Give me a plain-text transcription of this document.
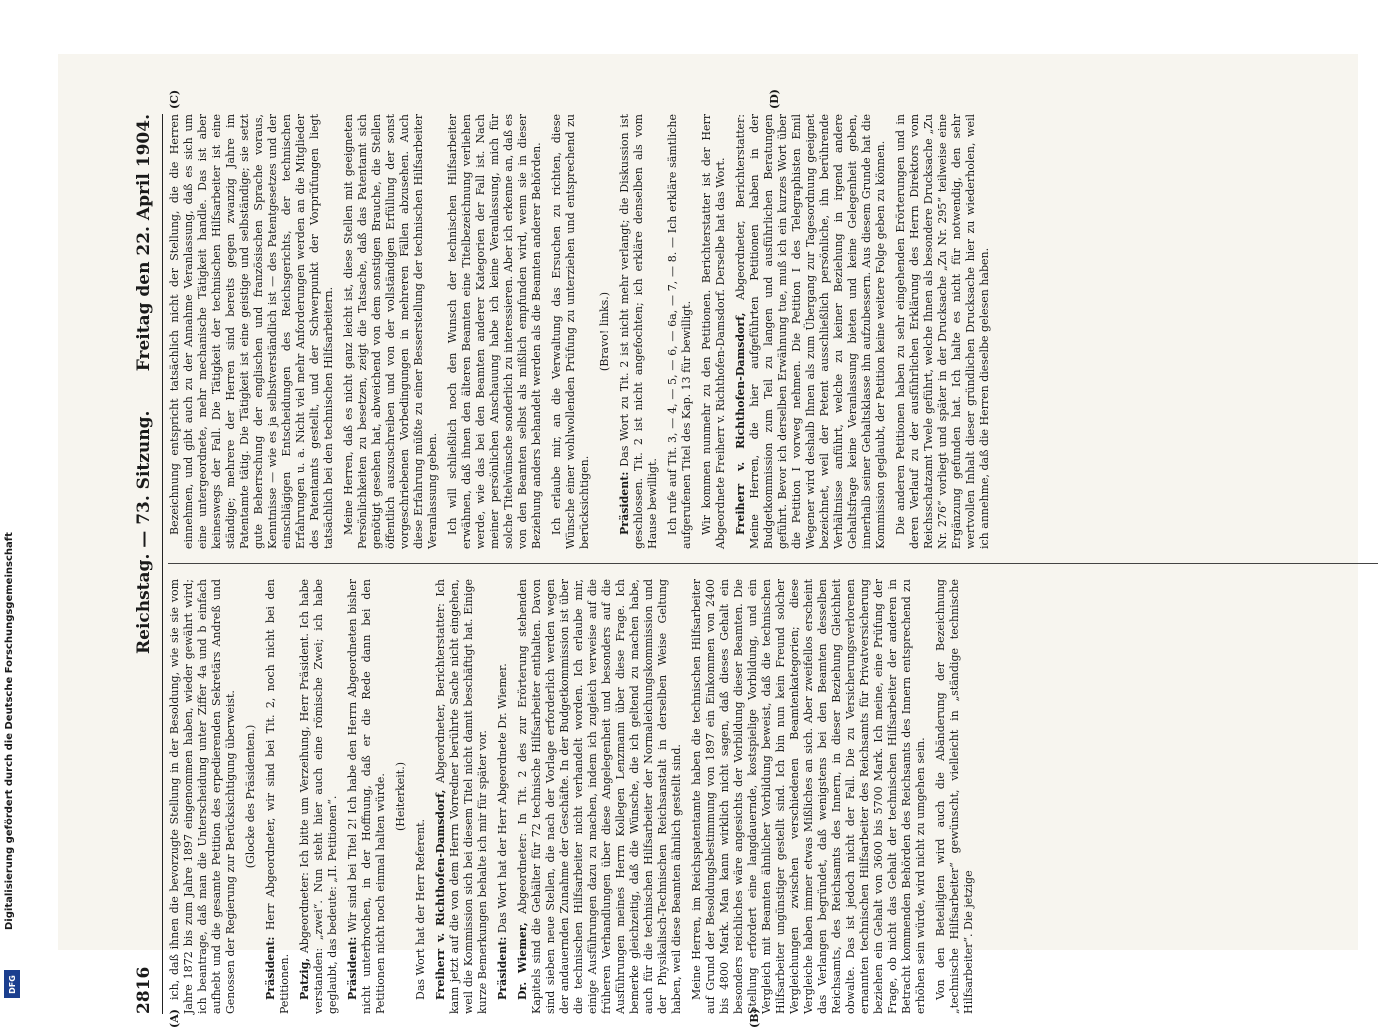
2816
Reichstag. — 73. Sitzung.
Freitag den 22. April 1904.
(A)	(B)
(C)	(D)

ich, daß ihnen die bevorzugte Stellung in der Besoldung, wie sie sie vom Jahre 1872 bis zum Jahre 1897 eingenommen haben, wieder gewährt wird; ich beantrage, daß man die Unterscheidung unter Ziffer 4a und b einfach aufhebt und die gesamte Petition des erpedierenden Sekretärs Andreß und Genossen der Regierung zur Berücksichtigung überweist. (Glocke des Präsidenten.)

Präsident: Herr Abgeordneter, wir sind bei Tit. 2, noch nicht bei den Petitionen. Patzig, Abgeordneter: Ich bitte um Verzeihung, Herr Präsident. Ich habe verstanden: „zwei“. Nun steht hier auch eine römische Zwei; ich habe geglaubt, das bedeute: „II. Petitionen“. Präsident: Wir sind bei Titel 2! Ich habe den Herrn Abgeordneten bisher nicht unterbrochen, in der Hoffnung, daß er die Rede dann bei den Petitionen nicht noch einmal halten würde. (Heiterkeit.)

Das Wort hat der Herr Referent. Freiherr v. Richthofen-Damsdorf, Abgeordneter, Berichterstatter: Ich kann jetzt auf die von dem Herrn Vorredner berührte Sache nicht eingehen, weil die Kommission sich bei diesem Titel nicht damit beschäftigt hat. Einige kurze Bemerkungen behalte ich mir für später vor. Präsident: Das Wort hat der Herr Abgeordnete Dr. Wiemer.

Dr. Wiemer, Abgeordneter: In Tit. 2 des zur Erörterung stehenden Kapitels sind die Gehälter für 72 technische Hilfsarbeiter enthalten. Davon sind sieben neue Stellen, die nach der Vorlage erforderlich werden wegen der andauernden Zunahme der Geschäfte. In der Budgetkommission ist über die technischen Hilfsarbeiter nicht verhandelt worden. Ich erlaube mir, einige Ausführungen dazu zu machen, indem ich zugleich verweise auf die früheren Verhandlungen über diese Angelegenheit und besonders auf die Ausführungen meines Herrn Kollegen Lenzmann über diese Frage. Ich bemerke gleichzeitig, daß die Wünsche, die ich geltend zu machen habe, auch für die technischen Hilfsarbeiter der Normaleichungskommission und der Physikalisch-Technischen Reichsanstalt in derselben Weise Geltung haben, weil diese Beamten ähnlich gestellt sind. Meine Herren, im Reichspatentamte haben die technischen Hilfsarbeiter auf Grund der Besoldungsbestimmung von 1897 ein Einkommen von 2400 bis 4800 Mark. Man kann wirklich nicht sagen, daß dieses Gehalt ein besonders reichliches wäre angesichts der Vorbildung dieser Beamten. Die Stellung erfordert eine langdauernde, kostspielige Vorbildung, und ein Vergleich mit Beamten ähnlicher Vorbildung beweist, daß die technischen Hilfsarbeiter ungünstiger gestellt sind. Ich bin nun kein Freund solcher Vergleichungen zwischen verschiedenen Beamtenkategorien; diese Vergleiche haben immer etwas Mißliches an sich. Aber zweifellos erscheint das Verlangen begründet, daß wenigstens bei den Beamten desselben Reichsamts, des Reichsamts des Innern, in dieser Beziehung Gleichheit obwalte. Das ist jedoch nicht der Fall. Die zu Versicherungsverlorenen ernannten technischen Hilfsarbeiter des Reichsamts für Privatversicherung beziehen ein Gehalt von 3600 bis 5700 Mark. Ich meine, eine Prüfung der Frage, ob nicht das Gehalt der technischen Hilfsarbeiter der anderen in Betracht kommenden Behörden des Reichsamts des Innern entsprechend zu erhöhen sein würde, wird nicht zu umgehen sein. Von den Beteiligten wird auch die Abänderung der Bezeichnung „technische Hilfsarbeiter“ gewünscht, vielleicht in „ständige technische Hilfsarbeiter“. Die jetzige

Bezeichnung entspricht tatsächlich nicht der Stellung, die die Herren einnehmen, und gibt auch zu der Annahme Veranlassung, daß es sich um eine untergeordnete, mehr mechanische Tätigkeit handle. Das ist aber keineswegs der Fall. Die Tätigkeit der technischen Hilfsarbeiter ist eine ständige; mehrere der Herren sind bereits gegen zwanzig Jahre im Patentamte tätig. Die Tätigkeit ist eine geistige und selbständige; sie setzt gute Beherrschung der englischen und französischen Sprache voraus, Kenntnisse — wie es ja selbstverständlich ist — des Patentgesetzes und der einschlägigen Entscheidungen des Reichsgerichts, der technischen Erfahrungen u. a. Nicht viel mehr Anforderungen werden an die Mitglieder des Patentamts gestellt, und der Schwerpunkt der Vorprüfungen liegt tatsächlich bei den technischen Hilfsarbeitern. Meine Herren, daß es nicht ganz leicht ist, diese Stellen mit geeigneten Persönlichkeiten zu besetzen, zeigt die Tatsache, daß das Patentamt sich genötigt gesehen hat, abweichend von dem sonstigen Brauche, die Stellen öffentlich auszuschreiben und von der vollständigen Erfüllung der sonst vorgeschriebenen Vorbedingungen in mehreren Fällen abzusehen. Auch diese Erfahrung müßte zu einer Besserstellung der technischen Hilfsarbeiter Veranlassung geben. Ich will schließlich noch den Wunsch der technischen Hilfsarbeiter erwähnen, daß ihnen den älteren Beamten eine Titelbezeichnung verliehen werde, wie das bei den Beamten anderer Kategorien der Fall ist. Nach meiner persönlichen Anschauung habe ich keine Veranlassung, mich für solche Titelwünsche sonderlich zu interessieren. Aber ich erkenne an, daß es von den Beamten selbst als mißlich empfunden wird, wenn sie in dieser Beziehung anders behandelt werden als die Beamten anderer Behörden. Ich erlaube mir, an die Verwaltung das Ersuchen zu richten, diese Wünsche einer wohlwollenden Prüfung zu unterziehen und entsprechend zu berücksichtigen.

(Bravo! links.)

Präsident: Das Wort zu Tit. 2 ist nicht mehr verlangt; die Diskussion ist geschlossen. Tit. 2 ist nicht angefochten; ich erkläre denselben als vom Hause bewilligt. Ich rufe auf Tit. 3, — 4, — 5, — 6, — 6a, — 7, — 8. — Ich erkläre sämtliche aufgerufenen Titel des Kap. 13 für bewilligt. Wir kommen nunmehr zu den Petitionen. Berichterstatter ist der Herr Abgeordnete Freiherr v. Richthofen-Damsdorf. Derselbe hat das Wort. Freiherr v. Richthofen-Damsdorf, Abgeordneter, Berichterstatter: Meine Herren, die hier aufgeführten Petitionen haben in der Budgetkommission zum Teil zu langen und ausführlichen Beratungen geführt. Bevor ich derselben Erwähnung tue, muß ich ein kurzes Wort über die Petition I vorweg nehmen. Die Petition I des Telegraphisten Emil Wegener wird deshalb Ihnen als zum Übergang zur Tagesordnung geeignet bezeichnet, weil der Petent ausschließlich persönliche, ihn berührende Verhältnisse anführt, welche zu keiner Beziehung in irgend andere Gehaltsfrage keine Veranlassung bieten und keine Gelegenheit geben, innerhalb seiner Gehaltsklasse ihn aufzubessern. Aus diesem Grunde hat die Kommission geglaubt, der Petition keine weitere Folge geben zu können. Die anderen Petitionen haben zu sehr eingehenden Erörterungen und in deren Verlauf zu der ausführlichen Erklärung des Herrn Direktors vom Reichsschatzamt Twele geführt, welche Ihnen als besondere Drucksache „Zu Nr. 276“ vorliegt und später in der Drucksache „Zu Nr. 295“ teilweise eine Ergänzung gefunden hat. Ich halte es nicht für notwendig, den sehr wertvollen Inhalt dieser gründlichen Drucksache hier zu wiederholen, weil ich annehme, daß die Herren dieselbe gelesen haben.

Digitalisierung gefördert durch die Deutsche Forschungsgemeinschaft
DFG
